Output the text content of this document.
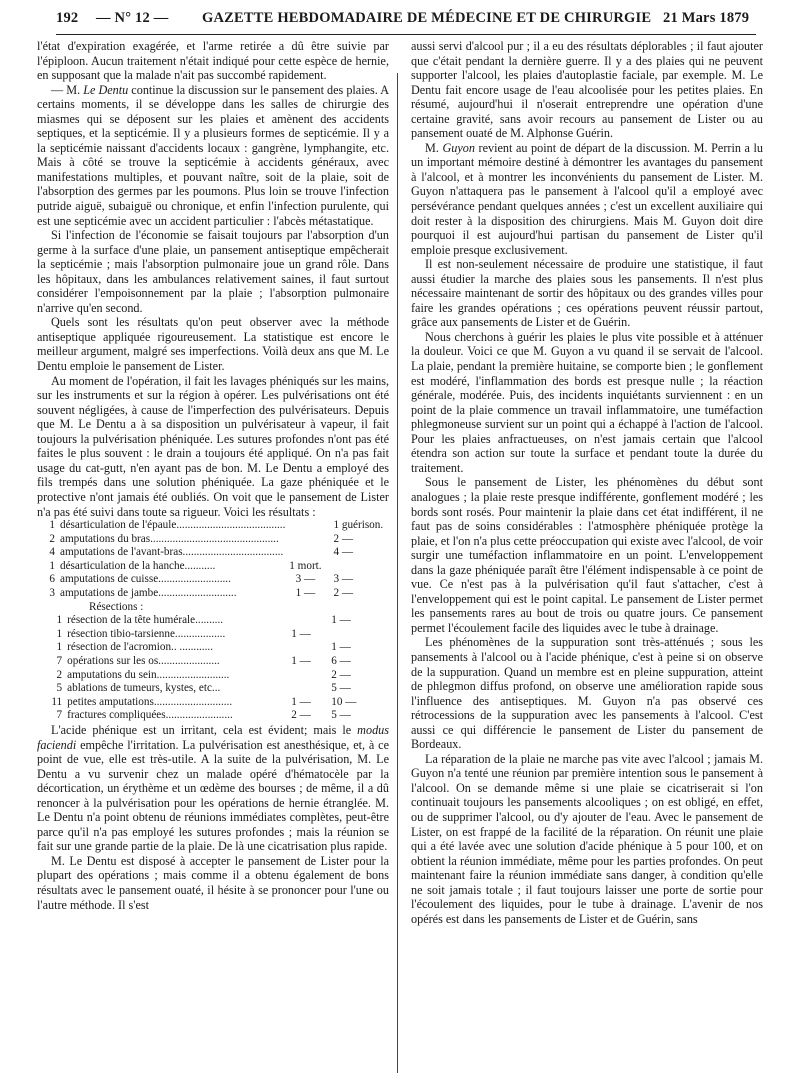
192 — N° 12 — GAZETTE HEBDOMADAIRE DE MÉDECINE ET DE CHIRURGIE 21 Mars 1879

l'état d'expiration exagérée, et l'arme retirée a dû être suivie par l'épiploon. Aucun traitement n'était indiqué pour cette espèce de hernie, en supposant que la malade n'ait pas succombé rapidement.

— M. Le Dentu continue la discussion sur le pansement des plaies. A certains moments, il se développe dans les salles de chirurgie des miasmes qui se déposent sur les plaies et amènent des accidents septiques, et la septicémie. Il y a plusieurs formes de septicémie. Il y a la septicémie naissant d'accidents locaux : gangrène, lymphangite, etc. Mais à côté se trouve la septicémie à accidents généraux, avec manifestations multiples, et pouvant naître, soit de la plaie, soit de l'absorption des germes par les poumons. Plus loin se trouve l'infection putride aiguë, subaiguë ou chronique, et enfin l'infection purulente, qui est une septicémie avec un accident particulier : l'abcès métastatique.

Si l'infection de l'économie se faisait toujours par l'absorption d'un germe à la surface d'une plaie, un pansement antiseptique empêcherait la septicémie ; mais l'absorption pulmonaire joue un grand rôle. Dans les hôpitaux, dans les ambulances relativement saines, il faut surtout considérer l'empoisonnement par la plaie ; l'absorption pulmonaire n'arrive qu'en second.

Quels sont les résultats qu'on peut observer avec la méthode antiseptique appliquée rigoureusement. La statistique est encore le meilleur argument, malgré ses imperfections. Voilà deux ans que M. Le Dentu emploie le pansement de Lister.

Au moment de l'opération, il fait les lavages phéniqués sur les mains, sur les instruments et sur la région à opérer. Les pulvérisations ont été souvent négligées, à cause de l'imperfection des pulvérisateurs. Depuis que M. Le Dentu a à sa disposition un pulvérisateur à vapeur, il fait toujours la pulvérisation phéniquée. Les sutures profondes n'ont pas été faites le plus souvent : le drain a toujours été appliqué. On n'a pas fait usage du cat-gutt, n'en ayant pas de bon. M. Le Dentu a employé des fils trempés dans une solution phéniquée. La gaze phéniquée et le protective n'ont jamais été oubliés. On voit que le pansement de Lister n'a pas été suivi dans toute sa rigueur. Voici les résultats :

1	désarticulation de l'épaule.......................................		1 guérison.
2	amputations du bras..............................................		2 —
4	amputations de l'avant-bras....................................		4 —
1	désarticulation de la hanche...........	1 mort.	
6	amputations de cuisse..........................	3 —	3 —
3	amputations de jambe............................	1 —	2 —
Résections :
1	résection de la tête humérale..........		1 —
1	résection tibio-tarsienne..................	1 —	
1	résection de l'acromion.. ............		1 —
7	opérations sur les os......................	1 —	6 —
2	amputations du sein..........................		2 —
5	ablations de tumeurs, kystes, etc...		5 —
11	petites amputations............................	1 —	10 —
7	fractures compliquées........................	2 —	5 —

L'acide phénique est un irritant, cela est évident; mais le modus faciendi empêche l'irritation. La pulvérisation est anesthésique, et, à ce point de vue, elle est très-utile. A la suite de la pulvérisation, M. Le Dentu a vu survenir chez un malade opéré d'hématocèle par la décortication, un érythème et un œdème des bourses ; de même, il a dû renoncer à la pulvérisation pour les opérations de hernie étranglée. M. Le Dentu n'a point obtenu de réunions immédiates complètes, peut-être parce qu'il n'a pas employé les sutures profondes ; mais la réunion se fait sur une grande partie de la plaie. De là une cicatrisation plus rapide.

M. Le Dentu est disposé à accepter le pansement de Lister pour la plupart des opérations ; mais comme il a obtenu également de bons résultats avec le pansement ouaté, il hésite à se prononcer pour l'une ou l'autre méthode. Il s'est

aussi servi d'alcool pur ; il a eu des résultats déplorables ; il faut ajouter que c'était pendant la dernière guerre. Il y a des plaies qui ne peuvent supporter l'alcool, les plaies d'autoplastie faciale, par exemple. M. Le Dentu fait encore usage de l'eau alcoolisée pour les petites plaies. En résumé, aujourd'hui il n'oserait entreprendre une opération d'une certaine gravité, sans avoir recours au pansement de Lister ou au pansement ouaté de M. Alphonse Guérin.

M. Guyon revient au point de départ de la discussion. M. Perrin a lu un important mémoire destiné à démontrer les avantages du pansement à l'alcool, et à montrer les inconvénients du pansement de Lister. M. Guyon n'attaquera pas le pansement à l'alcool qu'il a employé avec persévérance pendant quelques années ; c'est un excellent auxiliaire qui doit rester à la disposition des chirurgiens. Mais M. Guyon doit dire pourquoi il est aujourd'hui partisan du pansement de Lister qu'il emploie presque exclusivement.

Il est non-seulement nécessaire de produire une statistique, il faut aussi étudier la marche des plaies sous les pansements. Il n'est plus nécessaire maintenant de sortir des hôpitaux ou des grandes villes pour faire les grandes opérations ; ces opérations peuvent réussir partout, grâce aux pansements de Lister et de Guérin.

Nous cherchons à guérir les plaies le plus vite possible et à atténuer la douleur. Voici ce que M. Guyon a vu quand il se servait de l'alcool. La plaie, pendant la première huitaine, se comporte bien ; le gonflement est modéré, l'inflammation des bords est presque nulle ; la réaction générale, modérée. Puis, des incidents inquiétants surviennent : en un point de la plaie commence un travail inflammatoire, une tuméfaction phlegmoneuse survient sur un point qui a échappé à l'action de l'alcool. Pour les plaies anfractueuses, on n'est jamais certain que l'alcool étendra son action sur toute la surface et pendant toute la durée du traitement.

Sous le pansement de Lister, les phénomènes du début sont analogues ; la plaie reste presque indifférente, gonflement modéré ; les bords sont rosés. Pour maintenir la plaie dans cet état indifférent, il ne faut pas de soins considérables : l'atmosphère phéniquée protège la plaie, et l'on n'a plus cette préoccupation qui existe avec l'alcool, de voir surgir une tuméfaction inflammatoire en un point. L'enveloppement dans la gaze phéniquée paraît être l'élément indispensable à ce point de vue. Ce n'est pas à la pulvérisation qu'il faut s'attacher, c'est à l'enveloppement qui est le point capital. Le pansement de Lister permet les pansements rares au bout de trois ou quatre jours. Ce pansement permet l'écoulement facile des liquides avec le tube à drainage.

Les phénomènes de la suppuration sont très-atténués ; sous les pansements à l'alcool ou à l'acide phénique, c'est à peine si on observe de la suppuration. Quand un membre est en pleine suppuration, atteint de phlegmon diffus profond, on observe une amélioration rapide sous l'influence des antiseptiques. M. Guyon n'a pas observé ces rétrocessions de la suppuration avec les pansements à l'alcool. C'est aussi ce qui différencie le pansement de Lister du pansement de Bordeaux.

La réparation de la plaie ne marche pas vite avec l'alcool ; jamais M. Guyon n'a tenté une réunion par première intention sous le pansement à l'alcool. On se demande même si une plaie se cicatriserait si l'on continuait toujours les pansements alcooliques ; on est obligé, en effet, ou de supprimer l'alcool, ou d'y ajouter de l'eau. Avec le pansement de Lister, on est frappé de la facilité de la réparation. On réunit une plaie qui a été lavée avec une solution d'acide phénique à 5 pour 100, et on obtient la réunion immédiate, même pour les parties profondes. On peut maintenant faire la réunion immédiate sans danger, à condition qu'elle ne soit jamais totale ; il faut toujours laisser une porte de sortie pour l'écoulement des liquides, pour le tube à drainage. L'avenir de nos opérés est dans les pansements de Lister et de Guérin, sans
